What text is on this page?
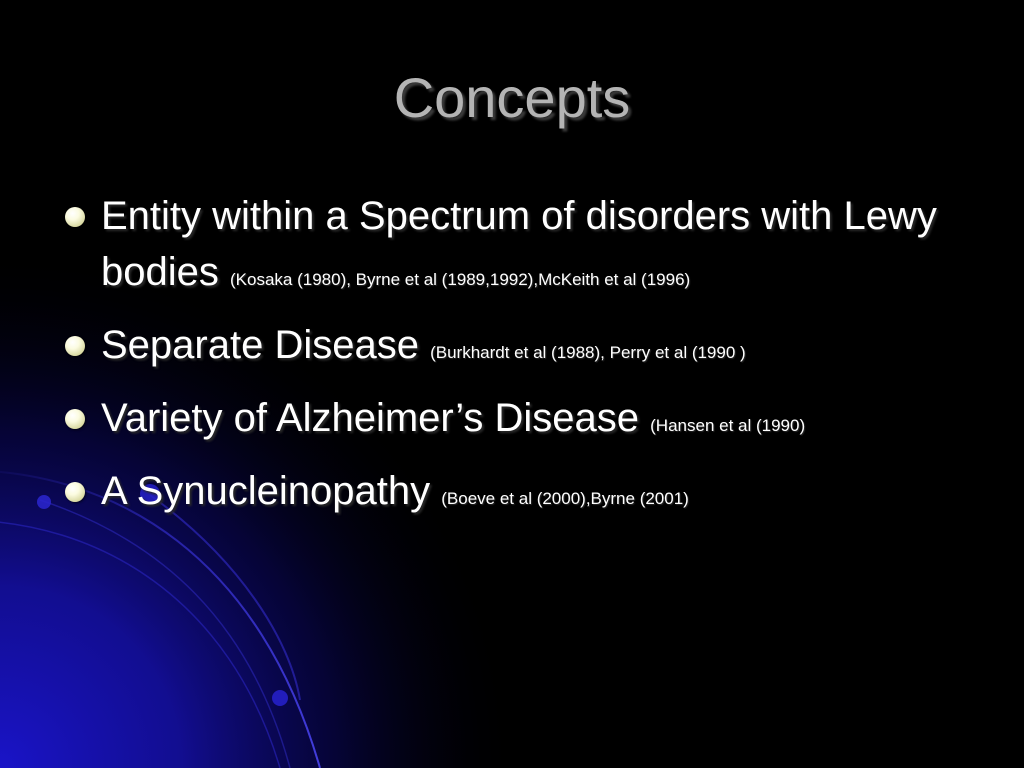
Concepts
Entity within a Spectrum of disorders with Lewy bodies (Kosaka (1980), Byrne et al (1989,1992),McKeith et al (1996)
Separate Disease (Burkhardt et al (1988), Perry et al (1990 )
Variety of Alzheimer’s Disease (Hansen et al (1990)
A Synucleinopathy (Boeve et al (2000),Byrne (2001)
